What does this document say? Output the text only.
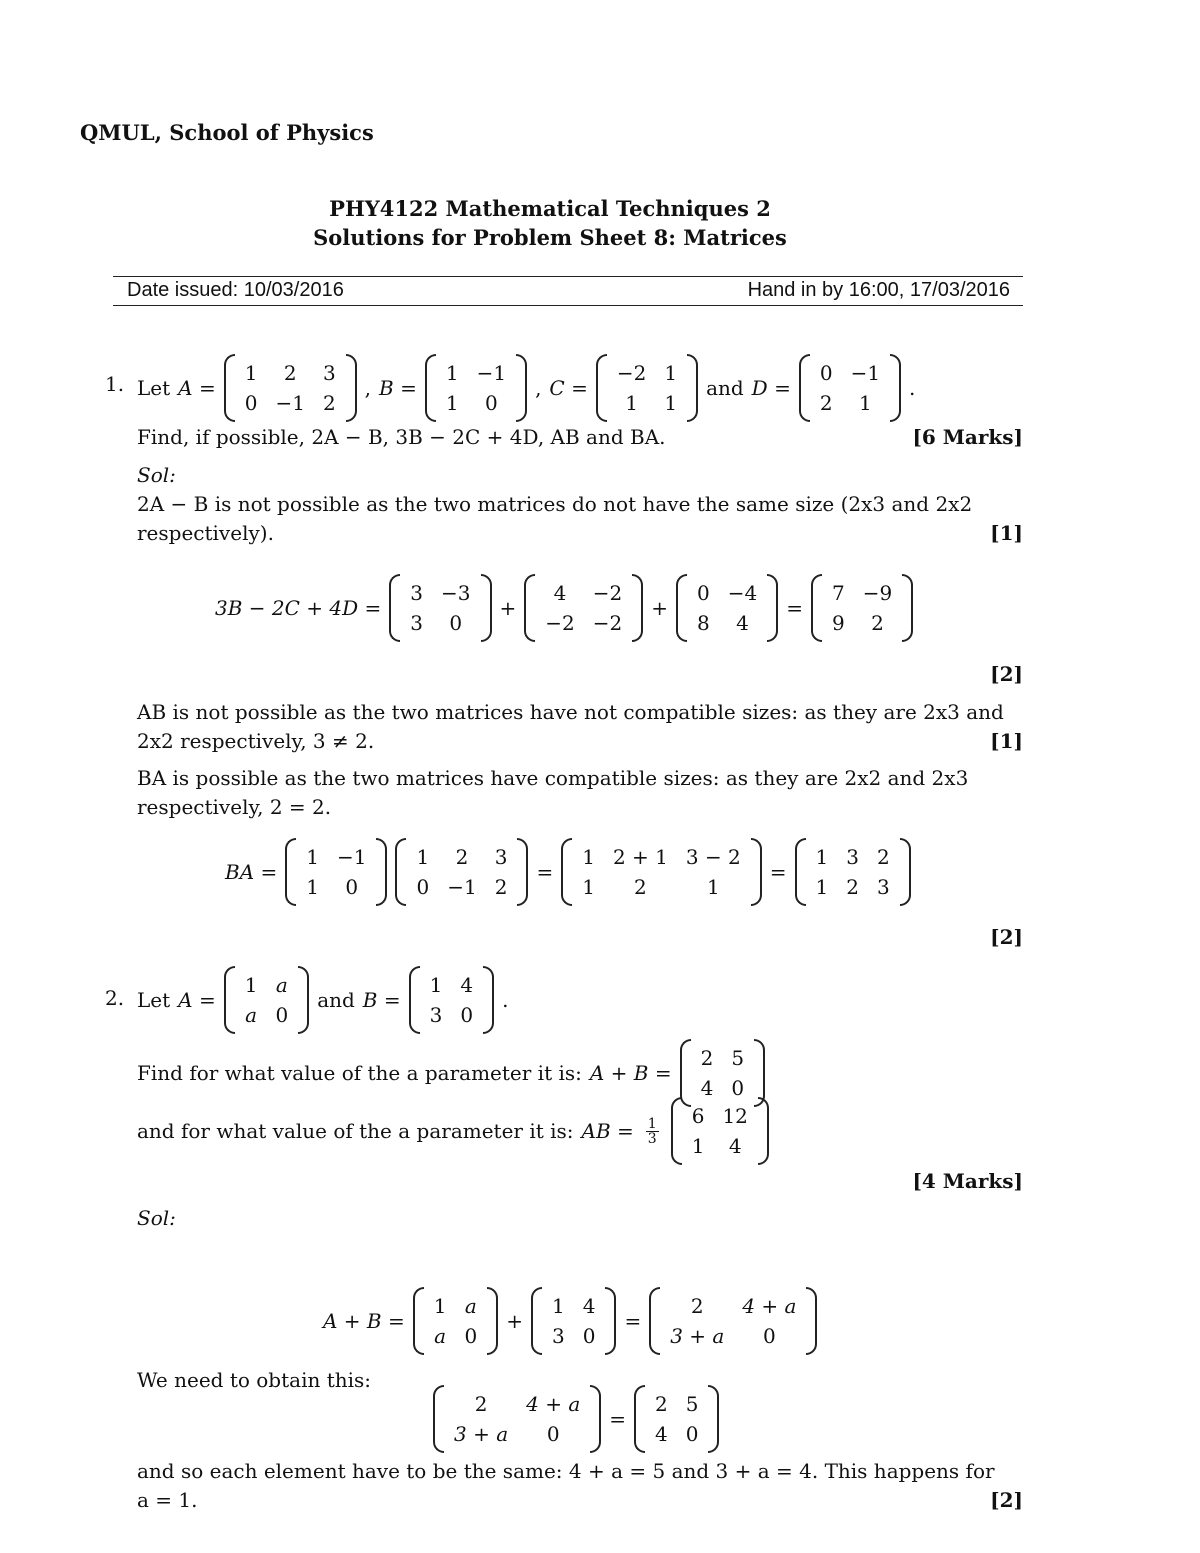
QMUL, School of Physics
PHY4122 Mathematical Techniques 2
Solutions for Problem Sheet 8: Matrices
Date issued: 10/03/2016	Hand in by 16:00, 17/03/2016
1. Let A =
1	2	3
0	−1	2
, B =
1	−1
1	0
, C =
−2	1
1	1
and D =
0	−1
2	1
.
Find, if possible, 2A − B, 3B − 2C + 4D, AB and BA.	[6 Marks]
Sol:
2A − B is not possible as the two matrices do not have the same size (2x3 and 2x2
respectively).	[1]
3B − 2C + 4D =
3	−3
3	0
+
4	−2
−2	−2
+
0	−4
8	4
=
7	−9
9	2
[2]
AB is not possible as the two matrices have not compatible sizes: as they are 2x3 and
2x2 respectively, 3 ≠ 2.	[1]
BA is possible as the two matrices have compatible sizes: as they are 2x2 and 2x3
respectively, 2 = 2.
BA =
1	−1
1	0
1	2	3
0	−1	2
=
1	2 + 1	3 − 2
1	2	1
=
1	3	2
1	2	3
[2]
2. Let A =
1	a
a	0
and B =
1	4
3	0
.
Find for what value of the a parameter it is: A + B =
2	5
4	0
and for what value of the a parameter it is: AB = $\frac{1}{3}$
6	12
1	4
[4 Marks]
Sol:
A + B =
1	a
a	0
+
1	4
3	0
=
2	4 + a
3 + a	0
We need to obtain this:
2	4 + a
3 + a	0
=
2	5
4	0
and so each element have to be the same: 4 + a = 5 and 3 + a = 4. This happens for
a = 1.	[2]
